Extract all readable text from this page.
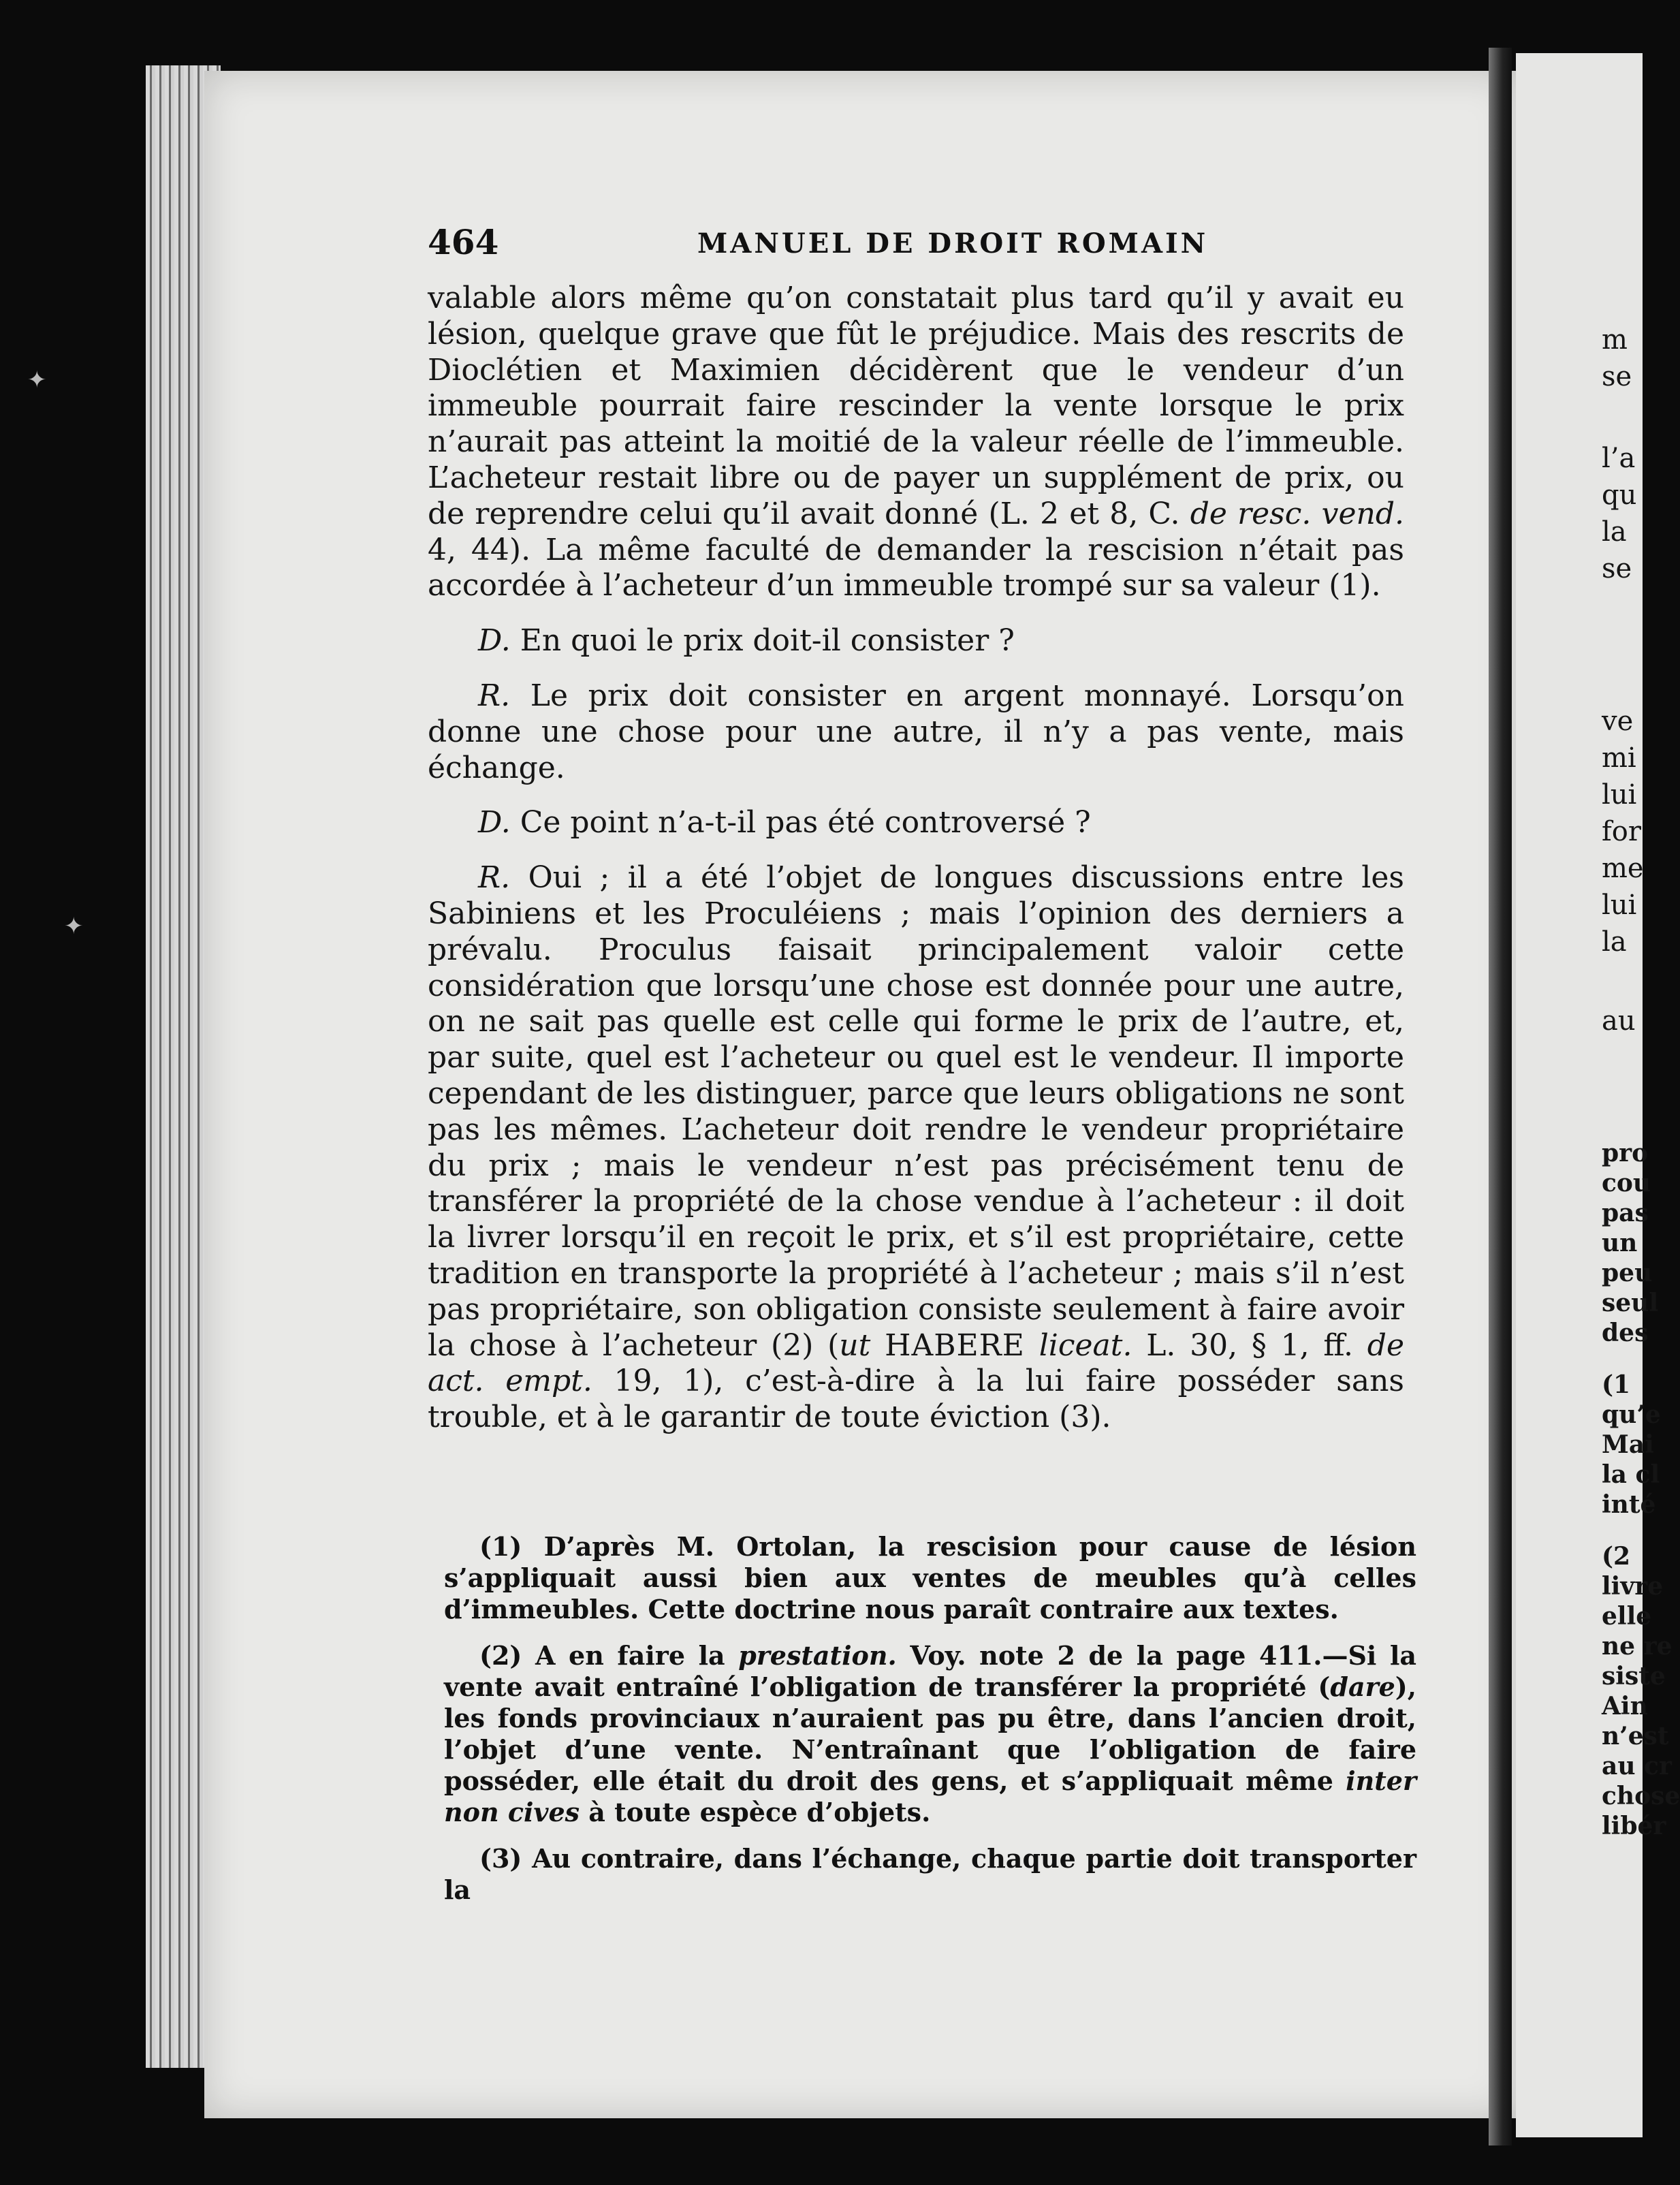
✦
✦
464	MANUEL DE DROIT ROMAIN

valable alors même qu’on constatait plus tard qu’il y avait eu lésion, quelque grave que fût le préjudice. Mais des rescrits de Dioclétien et Maximien décidèrent que le vendeur d’un immeuble pourrait faire rescinder la vente lorsque le prix n’aurait pas atteint la moitié de la valeur réelle de l’immeuble. L’acheteur restait libre ou de payer un supplément de prix, ou de reprendre celui qu’il avait donné (L. 2 et 8, C. de resc. vend. 4, 44). La même faculté de demander la rescision n’était pas accordée à l’acheteur d’un immeuble trompé sur sa valeur (1).

D. En quoi le prix doit-il consister ?

R. Le prix doit consister en argent monnayé. Lorsqu’on donne une chose pour une autre, il n’y a pas vente, mais échange.

D. Ce point n’a-t-il pas été controversé ?

R. Oui ; il a été l’objet de longues discussions entre les Sabiniens et les Proculéiens ; mais l’opinion des derniers a prévalu. Proculus faisait principalement valoir cette considération que lorsqu’une chose est donnée pour une autre, on ne sait pas quelle est celle qui forme le prix de l’autre, et, par suite, quel est l’acheteur ou quel est le vendeur. Il importe cependant de les distinguer, parce que leurs obligations ne sont pas les mêmes. L’acheteur doit rendre le vendeur propriétaire du prix ; mais le vendeur n’est pas précisément tenu de transférer la propriété de la chose vendue à l’acheteur : il doit la livrer lorsqu’il en reçoit le prix, et s’il est propriétaire, cette tradition en transporte la propriété à l’acheteur ; mais s’il n’est pas propriétaire, son obligation consiste seulement à faire avoir la chose à l’acheteur (2) (ut HABERE liceat. L. 30, § 1, ff. de act. empt. 19, 1), c’est-à-dire à la lui faire posséder sans trouble, et à le garantir de toute éviction (3).

(1) D’après M. Ortolan, la rescision pour cause de lésion s’appliquait aussi bien aux ventes de meubles qu’à celles d’immeubles. Cette doctrine nous paraît contraire aux textes.

(2) A en faire la prestation. Voy. note 2 de la page 411.—Si la vente avait entraîné l’obligation de transférer la propriété (dare), les fonds provinciaux n’auraient pas pu être, dans l’ancien droit, l’objet d’une vente. N’entraînant que l’obligation de faire posséder, elle était du droit des gens, et s’appliquait même inter non cives à toute espèce d’objets.

(3) Au contraire, dans l’échange, chaque partie doit transporter la

m
se
l’a
qu
la
se
ve
mi
lui
for
me
lui
la
au
pro
cou
pas
un
peu
seul
des
(1
qu’e
Mai
la cl
inté
(2
livre
elle
ne re
siste
Ain
n’est
au cr
chose
libér
